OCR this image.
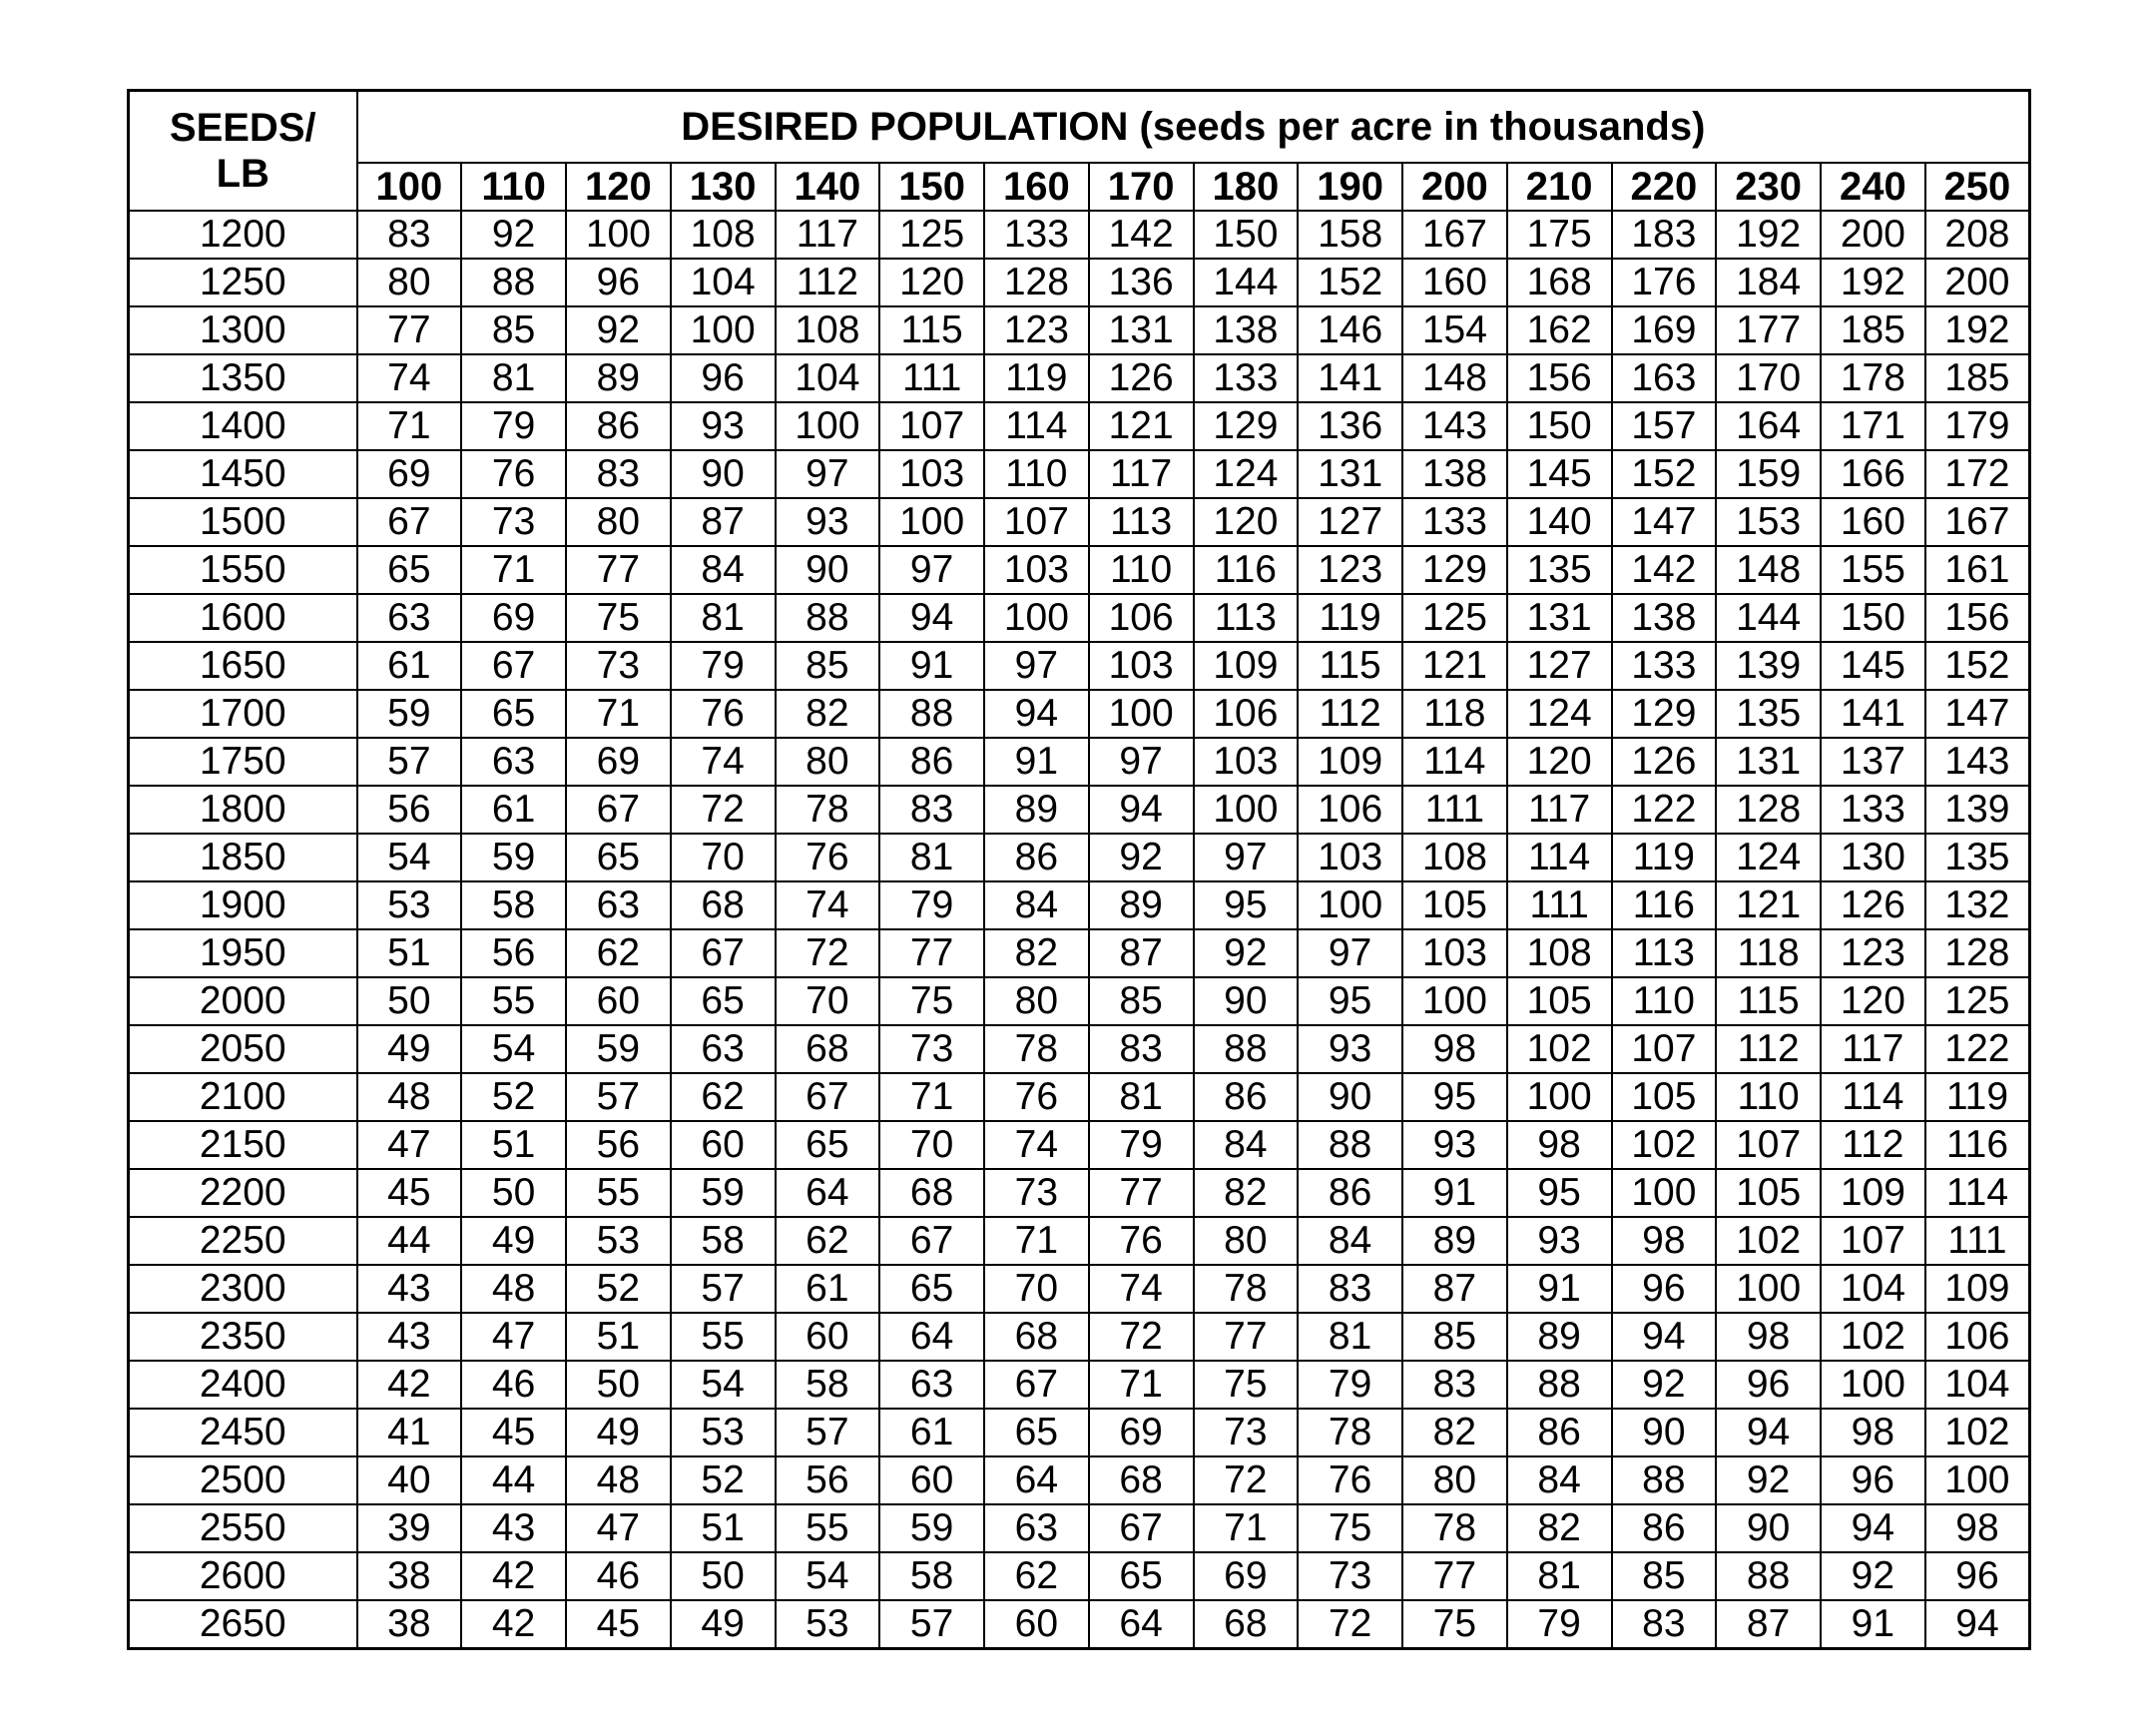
SEEDS/
LB	DESIRED POPULATION (seeds per acre in thousands)															
	100	110	120	130	140	150	160	170	180	190	200	210	220	230	240	250
1200	83	92	100	108	117	125	133	142	150	158	167	175	183	192	200	208
1250	80	88	96	104	112	120	128	136	144	152	160	168	176	184	192	200
1300	77	85	92	100	108	115	123	131	138	146	154	162	169	177	185	192
1350	74	81	89	96	104	111	119	126	133	141	148	156	163	170	178	185
1400	71	79	86	93	100	107	114	121	129	136	143	150	157	164	171	179
1450	69	76	83	90	97	103	110	117	124	131	138	145	152	159	166	172
1500	67	73	80	87	93	100	107	113	120	127	133	140	147	153	160	167
1550	65	71	77	84	90	97	103	110	116	123	129	135	142	148	155	161
1600	63	69	75	81	88	94	100	106	113	119	125	131	138	144	150	156
1650	61	67	73	79	85	91	97	103	109	115	121	127	133	139	145	152
1700	59	65	71	76	82	88	94	100	106	112	118	124	129	135	141	147
1750	57	63	69	74	80	86	91	97	103	109	114	120	126	131	137	143
1800	56	61	67	72	78	83	89	94	100	106	111	117	122	128	133	139
1850	54	59	65	70	76	81	86	92	97	103	108	114	119	124	130	135
1900	53	58	63	68	74	79	84	89	95	100	105	111	116	121	126	132
1950	51	56	62	67	72	77	82	87	92	97	103	108	113	118	123	128
2000	50	55	60	65	70	75	80	85	90	95	100	105	110	115	120	125
2050	49	54	59	63	68	73	78	83	88	93	98	102	107	112	117	122
2100	48	52	57	62	67	71	76	81	86	90	95	100	105	110	114	119
2150	47	51	56	60	65	70	74	79	84	88	93	98	102	107	112	116
2200	45	50	55	59	64	68	73	77	82	86	91	95	100	105	109	114
2250	44	49	53	58	62	67	71	76	80	84	89	93	98	102	107	111
2300	43	48	52	57	61	65	70	74	78	83	87	91	96	100	104	109
2350	43	47	51	55	60	64	68	72	77	81	85	89	94	98	102	106
2400	42	46	50	54	58	63	67	71	75	79	83	88	92	96	100	104
2450	41	45	49	53	57	61	65	69	73	78	82	86	90	94	98	102
2500	40	44	48	52	56	60	64	68	72	76	80	84	88	92	96	100
2550	39	43	47	51	55	59	63	67	71	75	78	82	86	90	94	98
2600	38	42	46	50	54	58	62	65	69	73	77	81	85	88	92	96
2650	38	42	45	49	53	57	60	64	68	72	75	79	83	87	91	94
